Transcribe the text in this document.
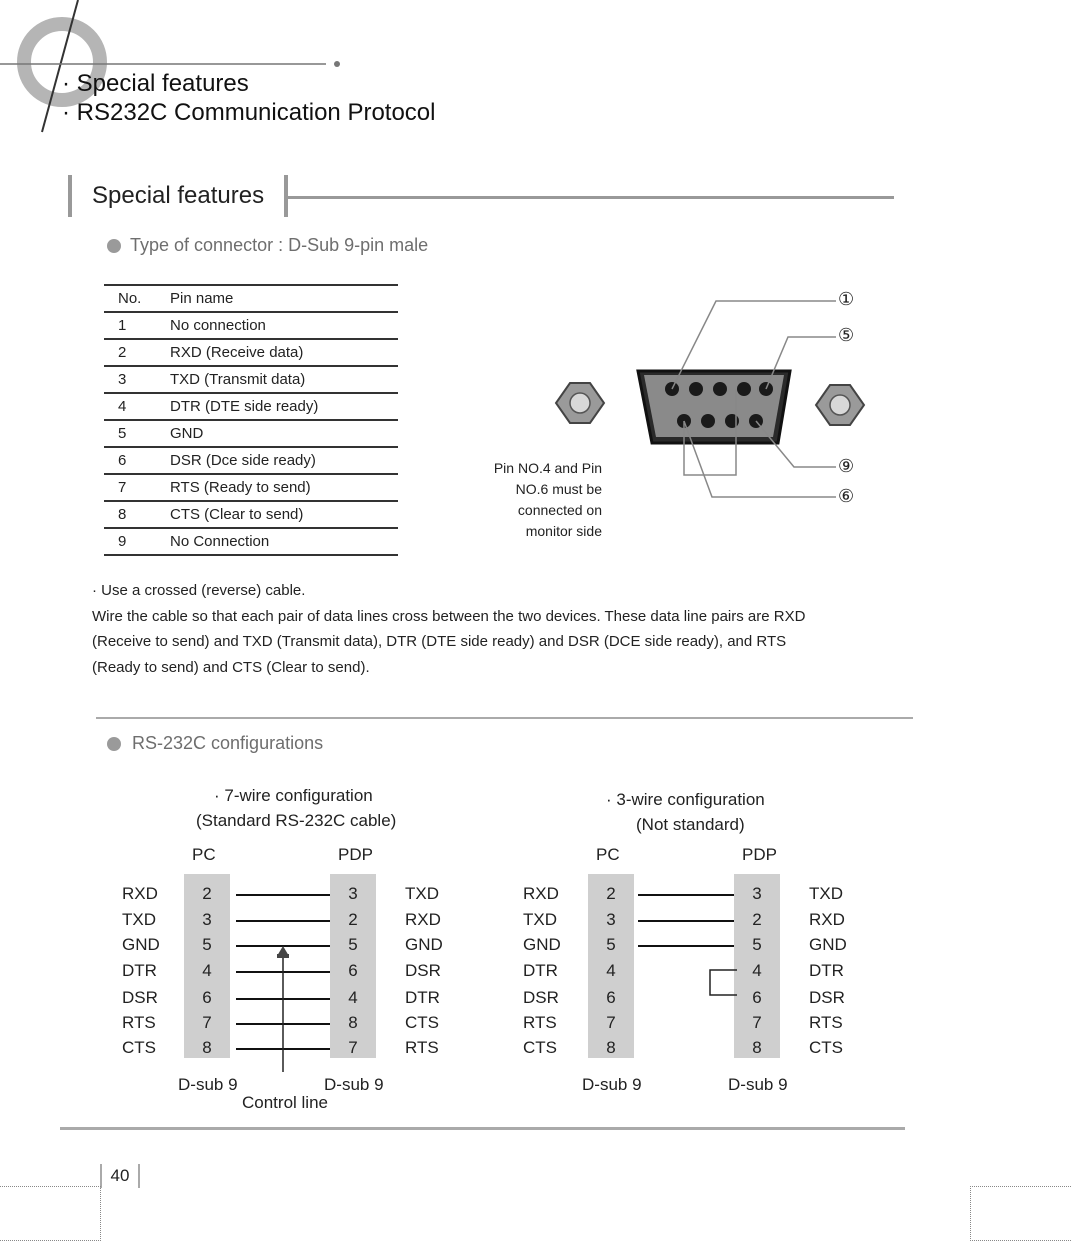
· Special features
· RS232C Communication Protocol
Special features
Type of connector : D-Sub 9-pin male
No.	Pin name
1	No connection
2	RXD (Receive data)
3	TXD (Transmit data)
4	DTR (DTE side ready)
5	GND
6	DSR (Dce side ready)
7	RTS (Ready to send)
8	CTS (Clear to send)
9	No Connection
①
⑤
⑨
⑥
Pin NO.4 and Pin NO.6 must be connected on monitor side
· Use a crossed (reverse) cable.
Wire the cable so that each pair of data lines cross between the two devices. These data line pairs are RXD
(Receive to send) and TXD (Transmit data), DTR (DTE side ready) and DSR (DCE side ready), and RTS
(Ready to send) and CTS (Clear to send).
RS-232C configurations
· 7-wire configuration
(Standard RS-232C cable)
PC	PDP
RXD	2	3	TXD
TXD	3	2	RXD
GND	5	5	GND
DTR	4	6	DSR
DSR	6	4	DTR
RTS	7	8	CTS
CTS	8	7	RTS
D-sub 9	D-sub 9
Control line
· 3-wire configuration
(Not standard)
PC	PDP
RXD	2	3	TXD
TXD	3	2	RXD
GND	5	5	GND
DTR	4	4	DTR
DSR	6	6	DSR
RTS	7	7	RTS
CTS	8	8	CTS
D-sub 9	D-sub 9
40
